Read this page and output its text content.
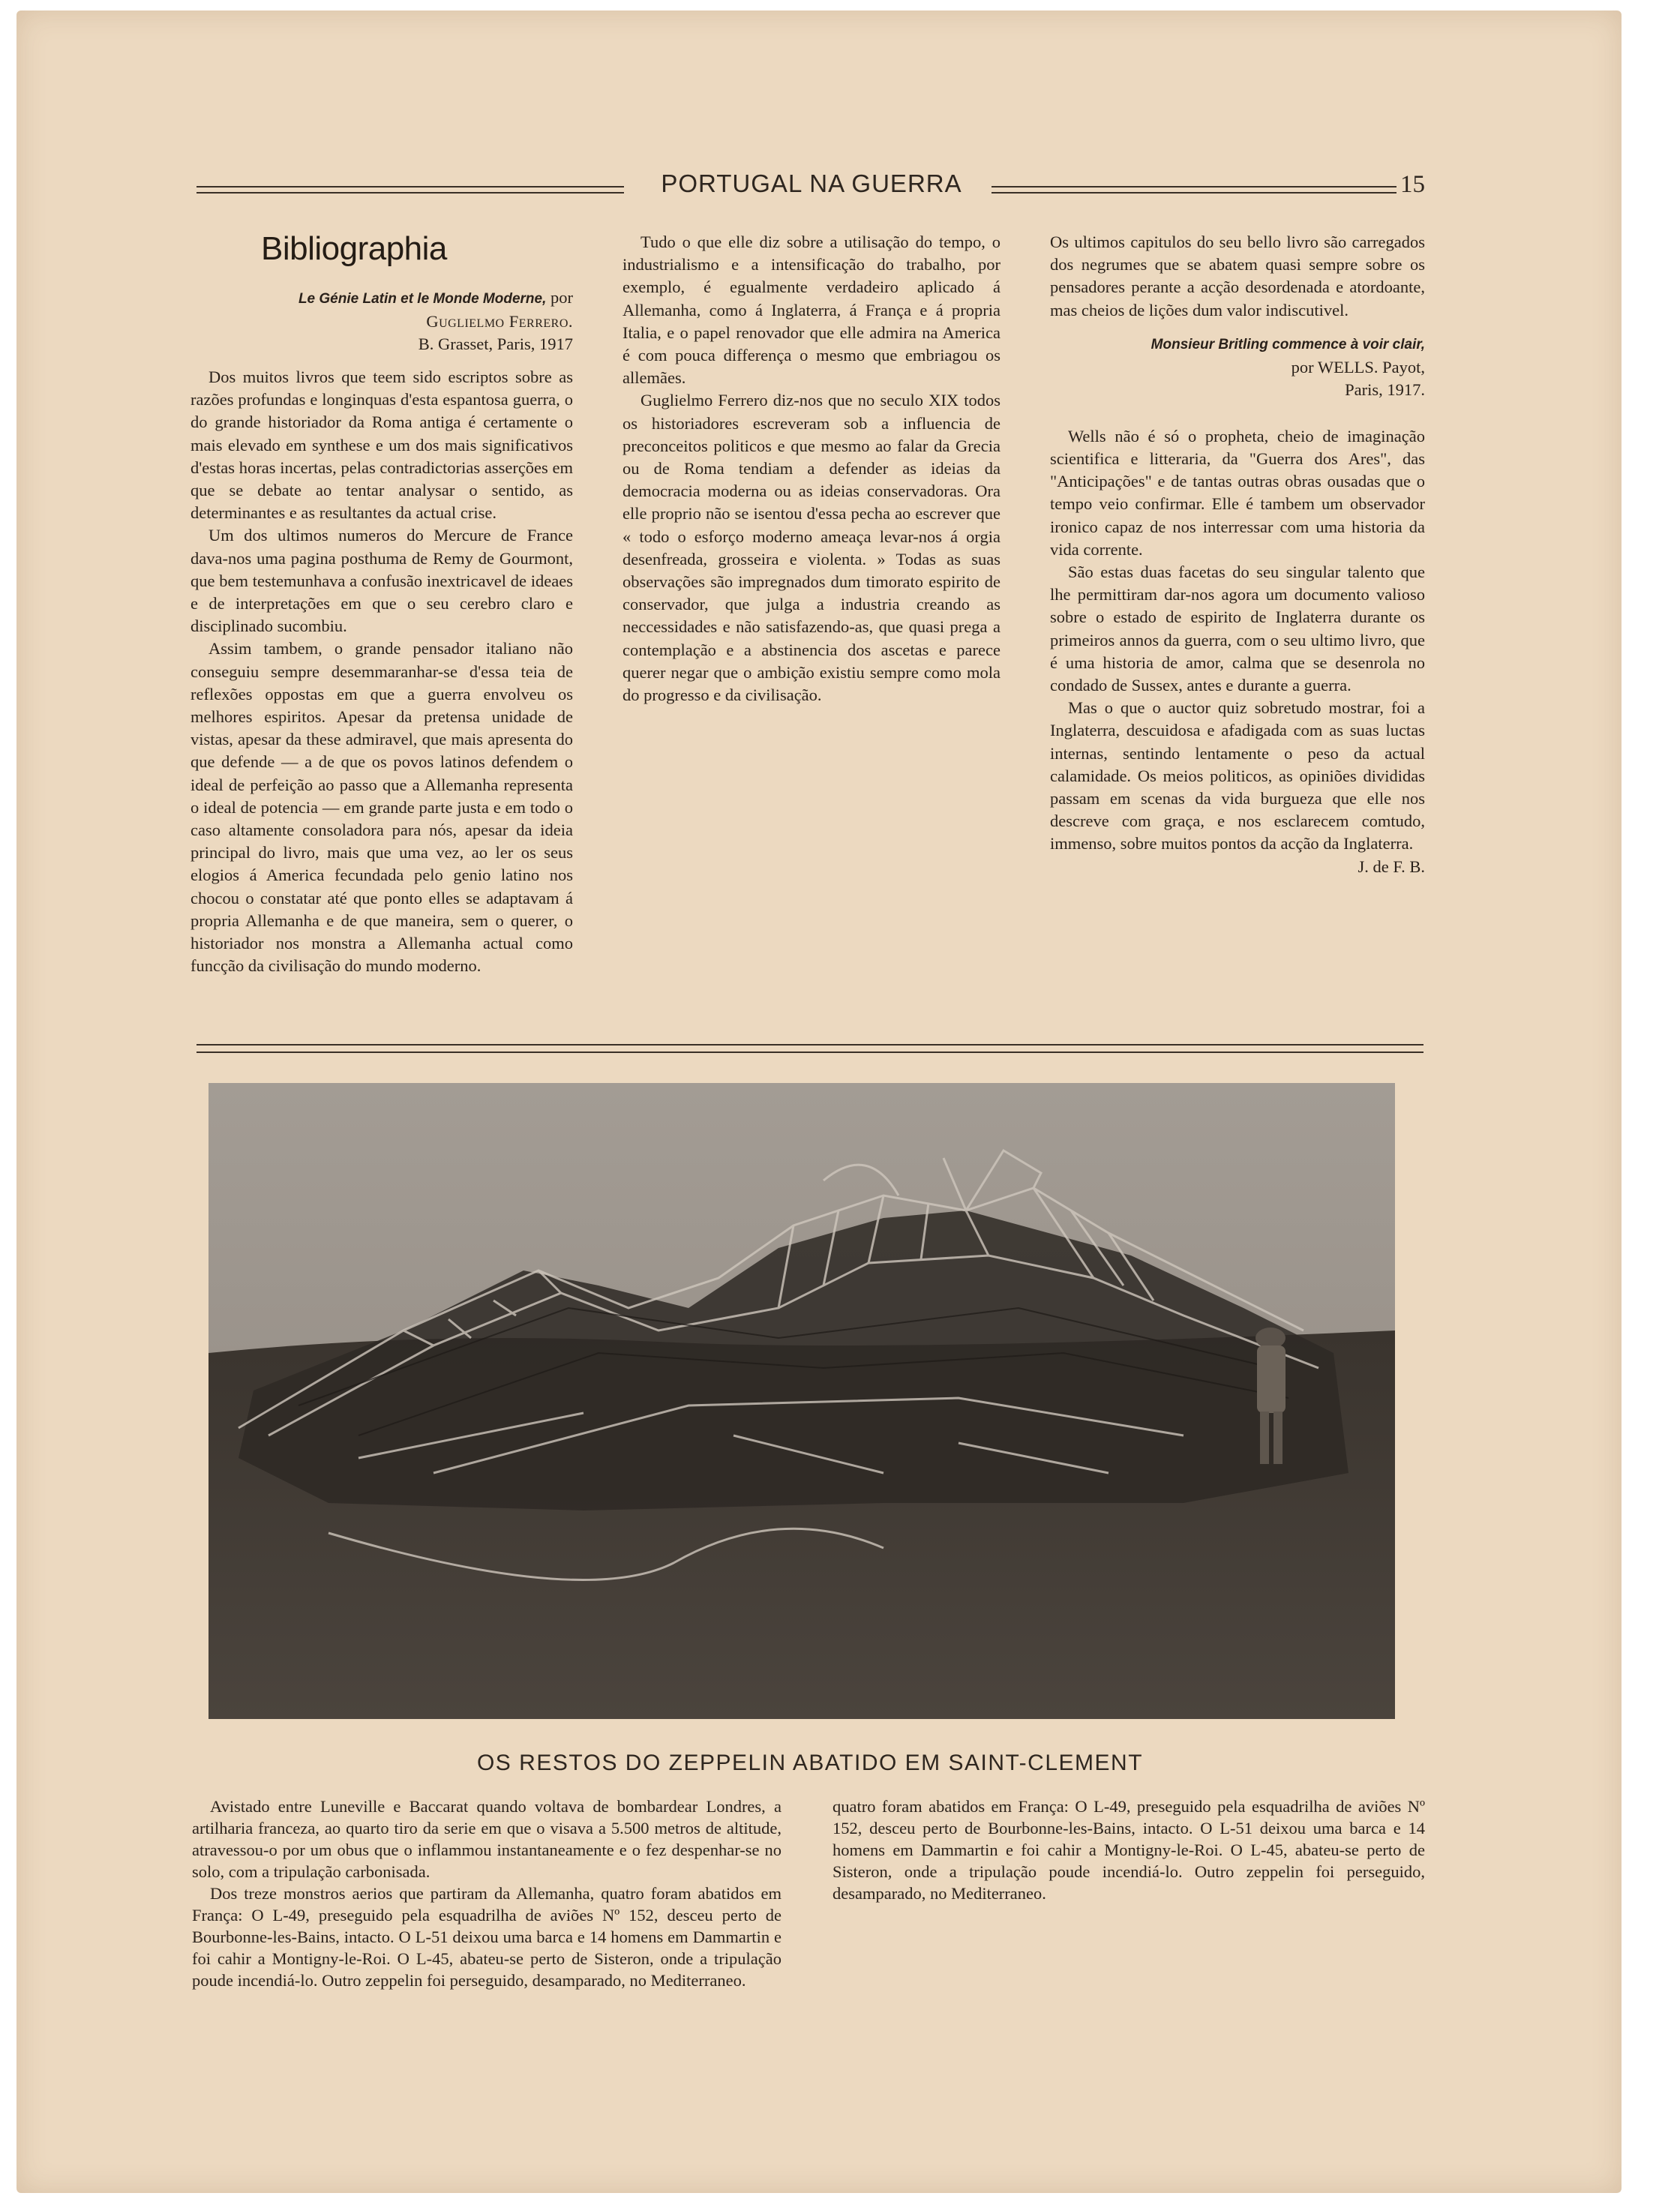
PORTUGAL NA GUERRA	15
Bibliographia
Le Génie Latin et le Monde Moderne, por
Guglielmo Ferrero.
B. Grasset, Paris, 1917

Dos muitos livros que teem sido escriptos sobre as razões profundas e longinquas d'esta espantosa guerra, o do grande historiador da Roma antiga é certamente o mais elevado em synthese e um dos mais significativos d'estas horas incertas, pelas contradictorias asserções em que se debate ao tentar analysar o sentido, as determinantes e as resultantes da actual crise.

Um dos ultimos numeros do Mercure de France dava-nos uma pagina posthuma de Remy de Gourmont, que bem testemunhava a confusão inextricavel de ideaes e de interpretações em que o seu cerebro claro e disciplinado sucombiu.

Assim tambem, o grande pensador italiano não conseguiu sempre desemmaranhar-se d'essa teia de reflexões oppostas em que a guerra envolveu os melhores espiritos. Apesar da pretensa unidade de vistas, apesar da these admiravel, que mais apresenta do que defende — a de que os povos latinos defendem o ideal de perfeição ao passo que a Allemanha representa o ideal de potencia — em grande parte justa e em todo o caso altamente consoladora para nós, apesar da ideia principal do livro, mais que uma vez, ao ler os seus elogios á America fecundada pelo genio latino nos chocou o constatar até que ponto elles se adaptavam á propria Allemanha e de que maneira, sem o querer, o historiador nos monstra a Allemanha actual como funcção da civilisação do mundo moderno.

Tudo o que elle diz sobre a utilisação do tempo, o industrialismo e a intensificação do trabalho, por exemplo, é egualmente verdadeiro aplicado á Allemanha, como á Inglaterra, á França e á propria Italia, e o papel renovador que elle admira na America é com pouca differença o mesmo que embriagou os allemães.

Guglielmo Ferrero diz-nos que no seculo XIX todos os historiadores escreveram sob a influencia de preconceitos politicos e que mesmo ao falar da Grecia ou de Roma tendiam a defender as ideias da democracia moderna ou as ideias conservadoras. Ora elle proprio não se isentou d'essa pecha ao escrever que « todo o esforço moderno ameaça levar-nos á orgia desenfreada, grosseira e violenta. » Todas as suas observações são impregnados dum timorato espirito de conservador, que julga a industria creando as neccessidades e não satisfazendo-as, que quasi prega a contemplação e a abstinencia dos ascetas e parece querer negar que o ambição existiu sempre como mola do progresso e da civilisação.

Os ultimos capitulos do seu bello livro são carregados dos negrumes que se abatem quasi sempre sobre os pensadores perante a acção desordenada e atordoante, mas cheios de lições dum valor indiscutivel.

Monsieur Britling commence à voir clair,
por WELLS. Payot,
Paris, 1917.

Wells não é só o propheta, cheio de imaginação scientifica e litteraria, da "Guerra dos Ares", das "Anticipações" e de tantas outras obras ousadas que o tempo veio confirmar. Elle é tambem um observador ironico capaz de nos interressar com uma historia da vida corrente.

São estas duas facetas do seu singular talento que lhe permittiram dar-nos agora um documento valioso sobre o estado de espirito de Inglaterra durante os primeiros annos da guerra, com o seu ultimo livro, que é uma historia de amor, calma que se desenrola no condado de Sussex, antes e durante a guerra.

Mas o que o auctor quiz sobretudo mostrar, foi a Inglaterra, descuidosa e afadigada com as suas luctas internas, sentindo lentamente o peso da actual calamidade. Os meios politicos, as opiniões divididas passam em scenas da vida burgueza que elle nos descreve com graça, e nos esclarecem comtudo, immenso, sobre muitos pontos da acção da Inglaterra.

J. de F. B.
OS RESTOS DO ZEPPELIN ABATIDO EM SAINT-CLEMENT

Avistado entre Luneville e Baccarat quando voltava de bombardear Londres, a artilharia franceza, ao quarto tiro da serie em que o visava a 5.500 metros de altitude, atravessou-o por um obus que o inflammou instantaneamente e o fez despenhar-se no solo, com a tripulação carbonisada.

Dos treze monstros aerios que partiram da Allemanha, quatro foram abatidos em França: O L-49, preseguido pela esquadrilha de aviões Nº 152, desceu perto de Bourbonne-les-Bains, intacto. O L-51 deixou uma barca e 14 homens em Dammartin e foi cahir a Montigny-le-Roi. O L-45, abateu-se perto de Sisteron, onde a tripulação poude incendiá-lo. Outro zeppelin foi perseguido, desamparado, no Mediterraneo.

quatro foram abatidos em França: O L-49, preseguido pela esquadrilha de aviões Nº 152, desceu perto de Bourbonne-les-Bains, intacto. O L-51 deixou uma barca e 14 homens em Dammartin e foi cahir a Montigny-le-Roi. O L-45, abateu-se perto de Sisteron, onde a tripulação poude incendiá-lo. Outro zeppelin foi perseguido, desamparado, no Mediterraneo.
